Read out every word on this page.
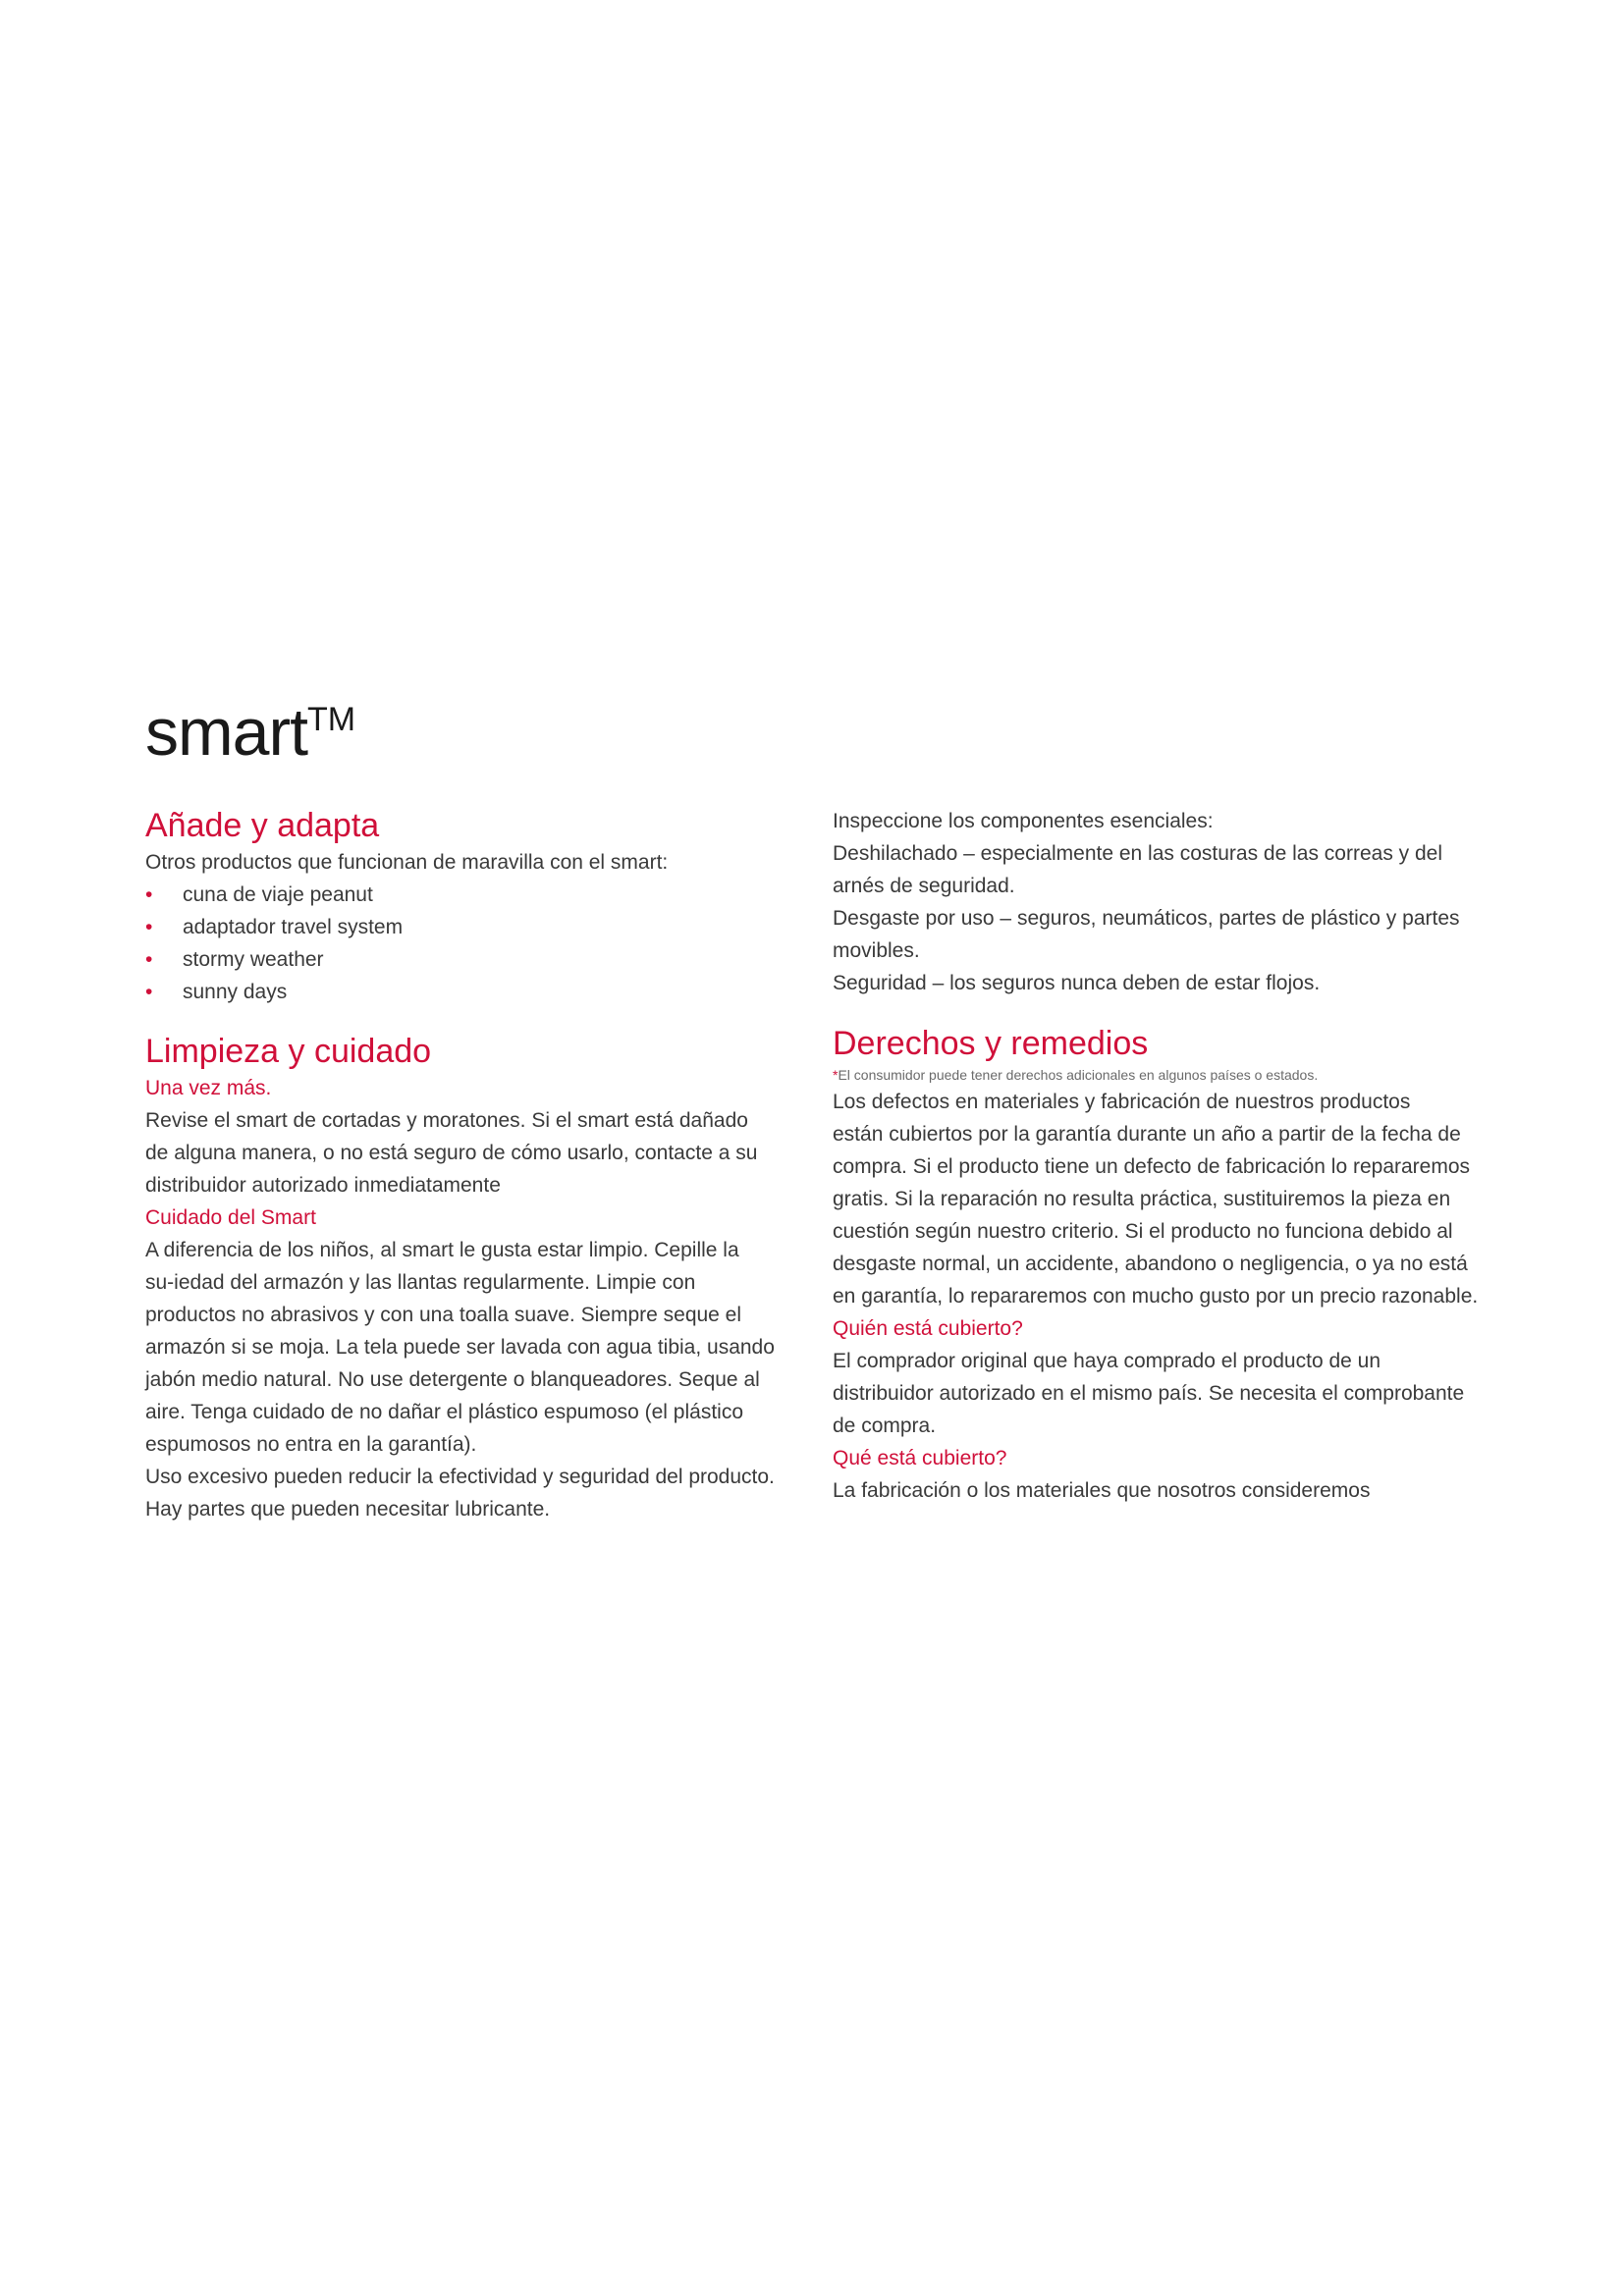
smart™
Añade y adapta

Otros productos que funcionan de maravilla con el smart:

• cuna de viaje peanut
• adaptador travel system
• stormy weather
• sunny days
Limpieza y cuidado

Una vez más.

Revise el smart de cortadas y moratones. Si el smart está dañado

de alguna manera, o no está seguro de cómo usarlo, contacte a su

distribuidor autorizado inmediatamente

Cuidado del Smart

A diferencia de los niños, al smart le gusta estar limpio. Cepille la

su-iedad del armazón y las llantas regularmente. Limpie con

productos no abrasivos y con una toalla suave. Siempre seque el

armazón si se moja. La tela puede ser lavada con agua tibia, usando

jabón medio natural. No use detergente o blanqueadores. Seque al

aire. Tenga cuidado de no dañar el plástico espumoso (el plástico

espumosos no entra en la garantía).

Uso excesivo pueden reducir la efectividad y seguridad del producto.

Hay partes que pueden necesitar lubricante.

Inspeccione los componentes esenciales:

Deshilachado – especialmente en las costuras de las correas y del

arnés de seguridad.

Desgaste por uso – seguros, neumáticos, partes de plástico y partes

movibles.

Seguridad – los seguros nunca deben de estar flojos.

Derechos y remedios

*El consumidor puede tener derechos adicionales en algunos países o estados.

Los defectos en materiales y fabricación de nuestros productos

están cubiertos por la garantía durante un año a partir de la fecha de

compra. Si el producto tiene un defecto de fabricación lo repararemos

gratis. Si la reparación no resulta práctica, sustituiremos la pieza en

cuestión según nuestro criterio. Si el producto no funciona debido al

desgaste normal, un accidente, abandono o negligencia, o ya no está

en garantía, lo repararemos con mucho gusto por un precio razonable.

Quién está cubierto?

El comprador original que haya comprado el producto de un

distribuidor autorizado en el mismo país. Se necesita el comprobante

de compra.

Qué está cubierto?

La fabricación o los materiales que nosotros consideremos
